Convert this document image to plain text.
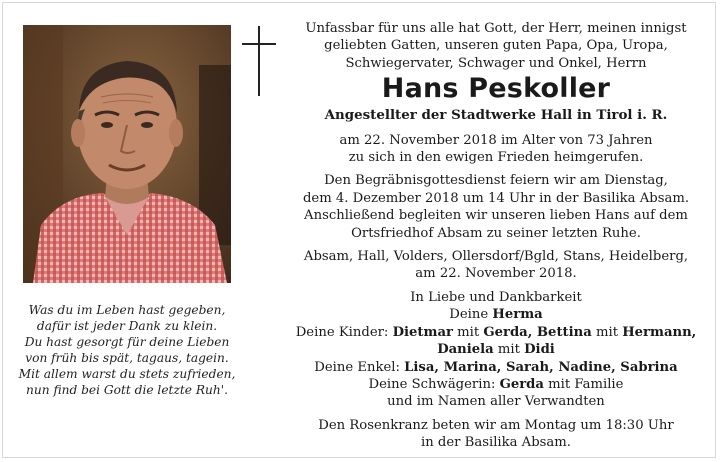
Was du im Leben hast gegeben,
dafür ist jeder Dank zu klein.
Du hast gesorgt für deine Lieben
von früh bis spät, tagaus, tagein.
Mit allem warst du stets zufrieden,
nun find bei Gott die letzte Ruh'.
Unfassbar für uns alle hat Gott, der Herr, meinen innigst
geliebten Gatten, unseren guten Papa, Opa, Uropa,
Schwiegervater, Schwager und Onkel, Herrn
Hans Peskoller
Angestellter der Stadtwerke Hall in Tirol i. R.
am 22. November 2018 im Alter von 73 Jahren
zu sich in den ewigen Frieden heimgerufen.
Den Begräbnisgottesdienst feiern wir am Dienstag,
dem 4. Dezember 2018 um 14 Uhr in der Basilika Absam.
Anschließend begleiten wir unseren lieben Hans auf dem
Ortsfriedhof Absam zu seiner letzten Ruhe.
Absam, Hall, Volders, Ollersdorf/Bgld, Stans, Heidelberg,
am 22. November 2018.
In Liebe und Dankbarkeit
Deine Herma
Deine Kinder: Dietmar mit Gerda, Bettina mit Hermann,
Daniela mit Didi
Deine Enkel: Lisa, Marina, Sarah, Nadine, Sabrina
Deine Schwägerin: Gerda mit Familie
und im Namen aller Verwandten
Den Rosenkranz beten wir am Montag um 18:30 Uhr
in der Basilika Absam.
